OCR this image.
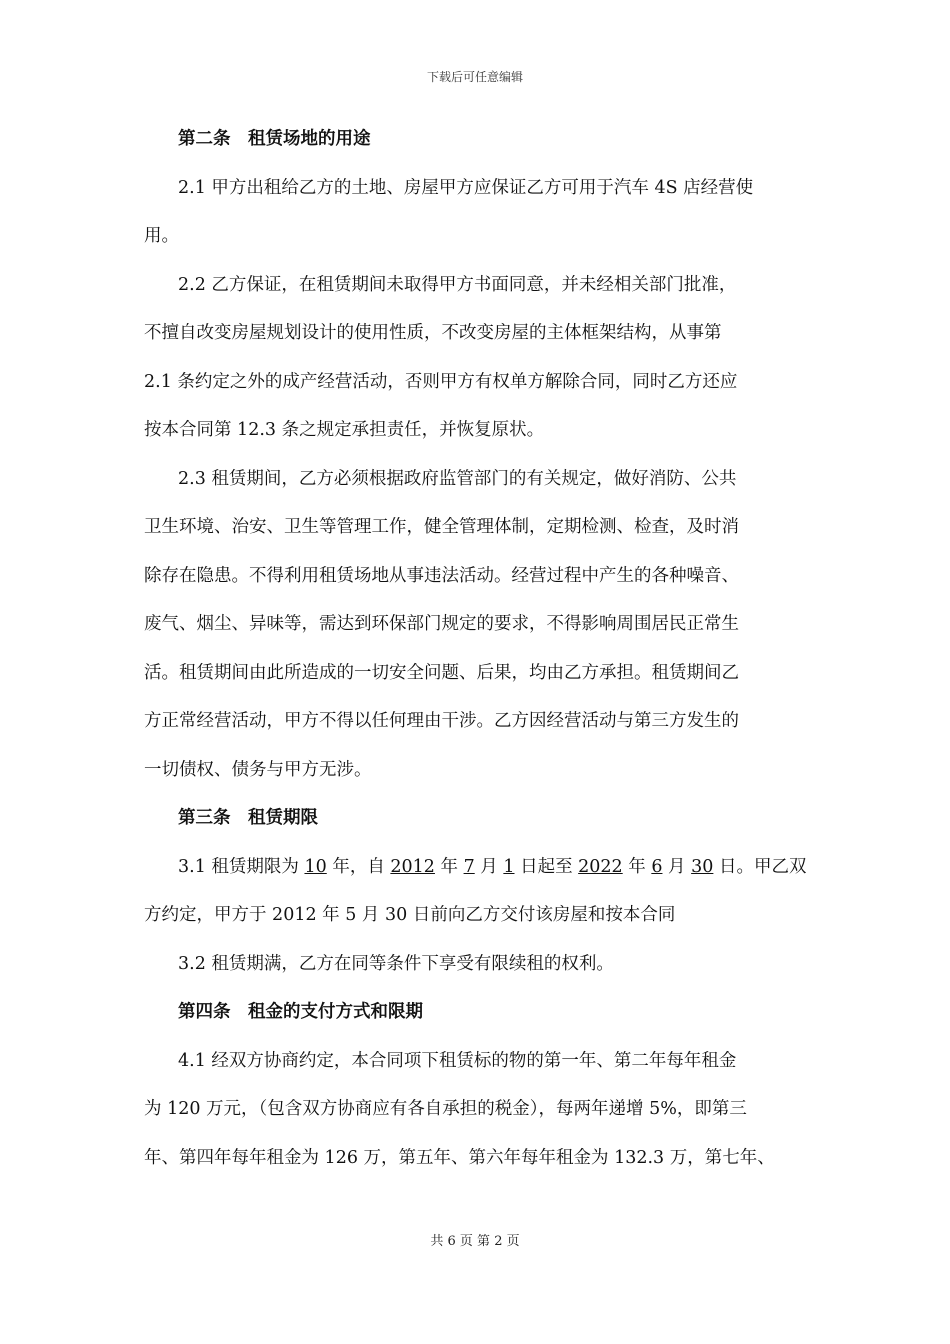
下载后可任意编辑
第二条　租赁场地的用途
2.1 甲方出租给乙方的土地、房屋甲方应保证乙方可用于汽车 4S 店经营使
用。
2.2 乙方保证，在租赁期间未取得甲方书面同意，并未经相关部门批准，
不擅自改变房屋规划设计的使用性质，不改变房屋的主体框架结构，从事第
2.1 条约定之外的成产经营活动，否则甲方有权单方解除合同，同时乙方还应
按本合同第 12.3 条之规定承担责任，并恢复原状。
2.3 租赁期间，乙方必须根据政府监管部门的有关规定，做好消防、公共
卫生环境、治安、卫生等管理工作，健全管理体制，定期检测、检查，及时消
除存在隐患。不得利用租赁场地从事违法活动。经营过程中产生的各种噪音、
废气、烟尘、异味等，需达到环保部门规定的要求，不得影响周围居民正常生
活。租赁期间由此所造成的一切安全问题、后果，均由乙方承担。租赁期间乙
方正常经营活动，甲方不得以任何理由干涉。乙方因经营活动与第三方发生的
一切债权、债务与甲方无涉。
第三条　租赁期限
3.1 租赁期限为 10 年，自 2012 年 7 月 1 日起至 2022 年 6 月 30 日。甲乙双
方约定，甲方于 2012 年 5 月 30 日前向乙方交付该房屋和按本合同
3.2 租赁期满，乙方在同等条件下享受有限续租的权利。
第四条　租金的支付方式和限期
4.1 经双方协商约定，本合同项下租赁标的物的第一年、第二年每年租金
为 120 万元，（包含双方协商应有各自承担的税金），每两年递增 5%，即第三
年、第四年每年租金为 126 万，第五年、第六年每年租金为 132.3 万，第七年、
共 6 页 第 2 页
